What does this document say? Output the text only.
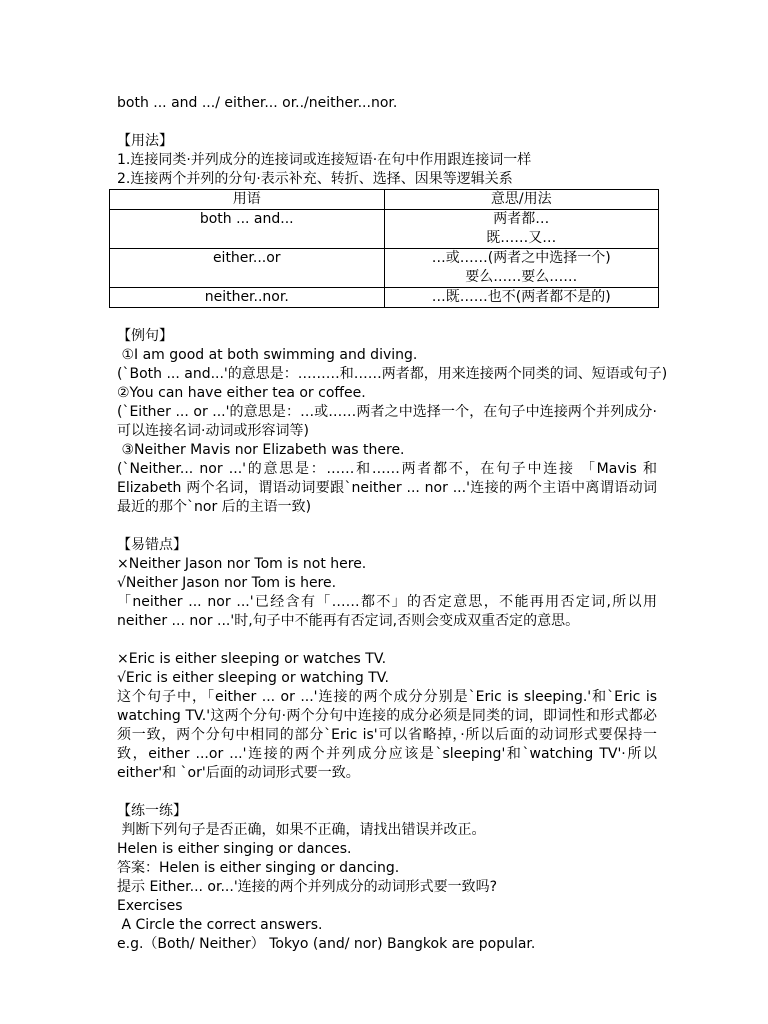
both ... and .../ either... or../neither...nor.
【用法】
1.连接同类·并列成分的连接词或连接短语·在句中作用跟连接词一样
2.连接两个并列的分句·表示补充、转折、选择、因果等逻辑关系
用语	意思/用法
both ... and...	两者都…
既……又…

either...or	…或……(两者之中选择一个)
要么……要么……

neither..nor.	…既……也不(两者都不是的)
【例句】
①I am good at both swimming and diving.
(`Both ... and...'的意思是：………和……两者都，用来连接两个同类的词、短语或句子)
②You can have either tea or coffee.
(`Either ... or ...'的意思是：…或……两者之中选择一个，在句子中连接两个并列成分·可以连接名词·动词或形容词等)
③Neither Mavis nor Elizabeth was there.
(`Neither... nor ...'的意思是：……和……两者都不，在句子中连接 「Mavis 和 Elizabeth 两个名词，谓语动词要跟`neither ... nor ...'连接的两个主语中离谓语动词最近的那个`nor 后的主语一致)
【易错点】
×Neither Jason nor Tom is not here.
√Neither Jason nor Tom is here.
「neither ... nor ...'已经含有「……都不」的否定意思，不能再用否定词,所以用 neither ... nor ...'时,句子中不能再有否定词,否则会变成双重否定的意思。
×Eric is either sleeping or watches TV.
√Eric is either sleeping or watching TV.
这个句子中，「either ... or ...'连接的两个成分分别是`Eric is sleeping.'和`Eric is watching TV.'这两个分句·两个分句中连接的成分必须是同类的词，即词性和形式都必须一致，两个分句中相同的部分`Eric is'可以省略掉，·所以后面的动词形式要保持一致，either ...or ...'连接的两个并列成分应该是`sleeping'和`watching TV'·所以 either'和 `or'后面的动词形式要一致。
【练一练】
判断下列句子是否正确，如果不正确，请找出错误并改正。
Helen is either singing or dances.
答案：Helen is either singing or dancing.
提示 Either... or...'连接的两个并列成分的动词形式要一致吗?
Exercises
A Circle the correct answers.
e.g.（Both/ Neither） Tokyo (and/ nor) Bangkok are popular.
